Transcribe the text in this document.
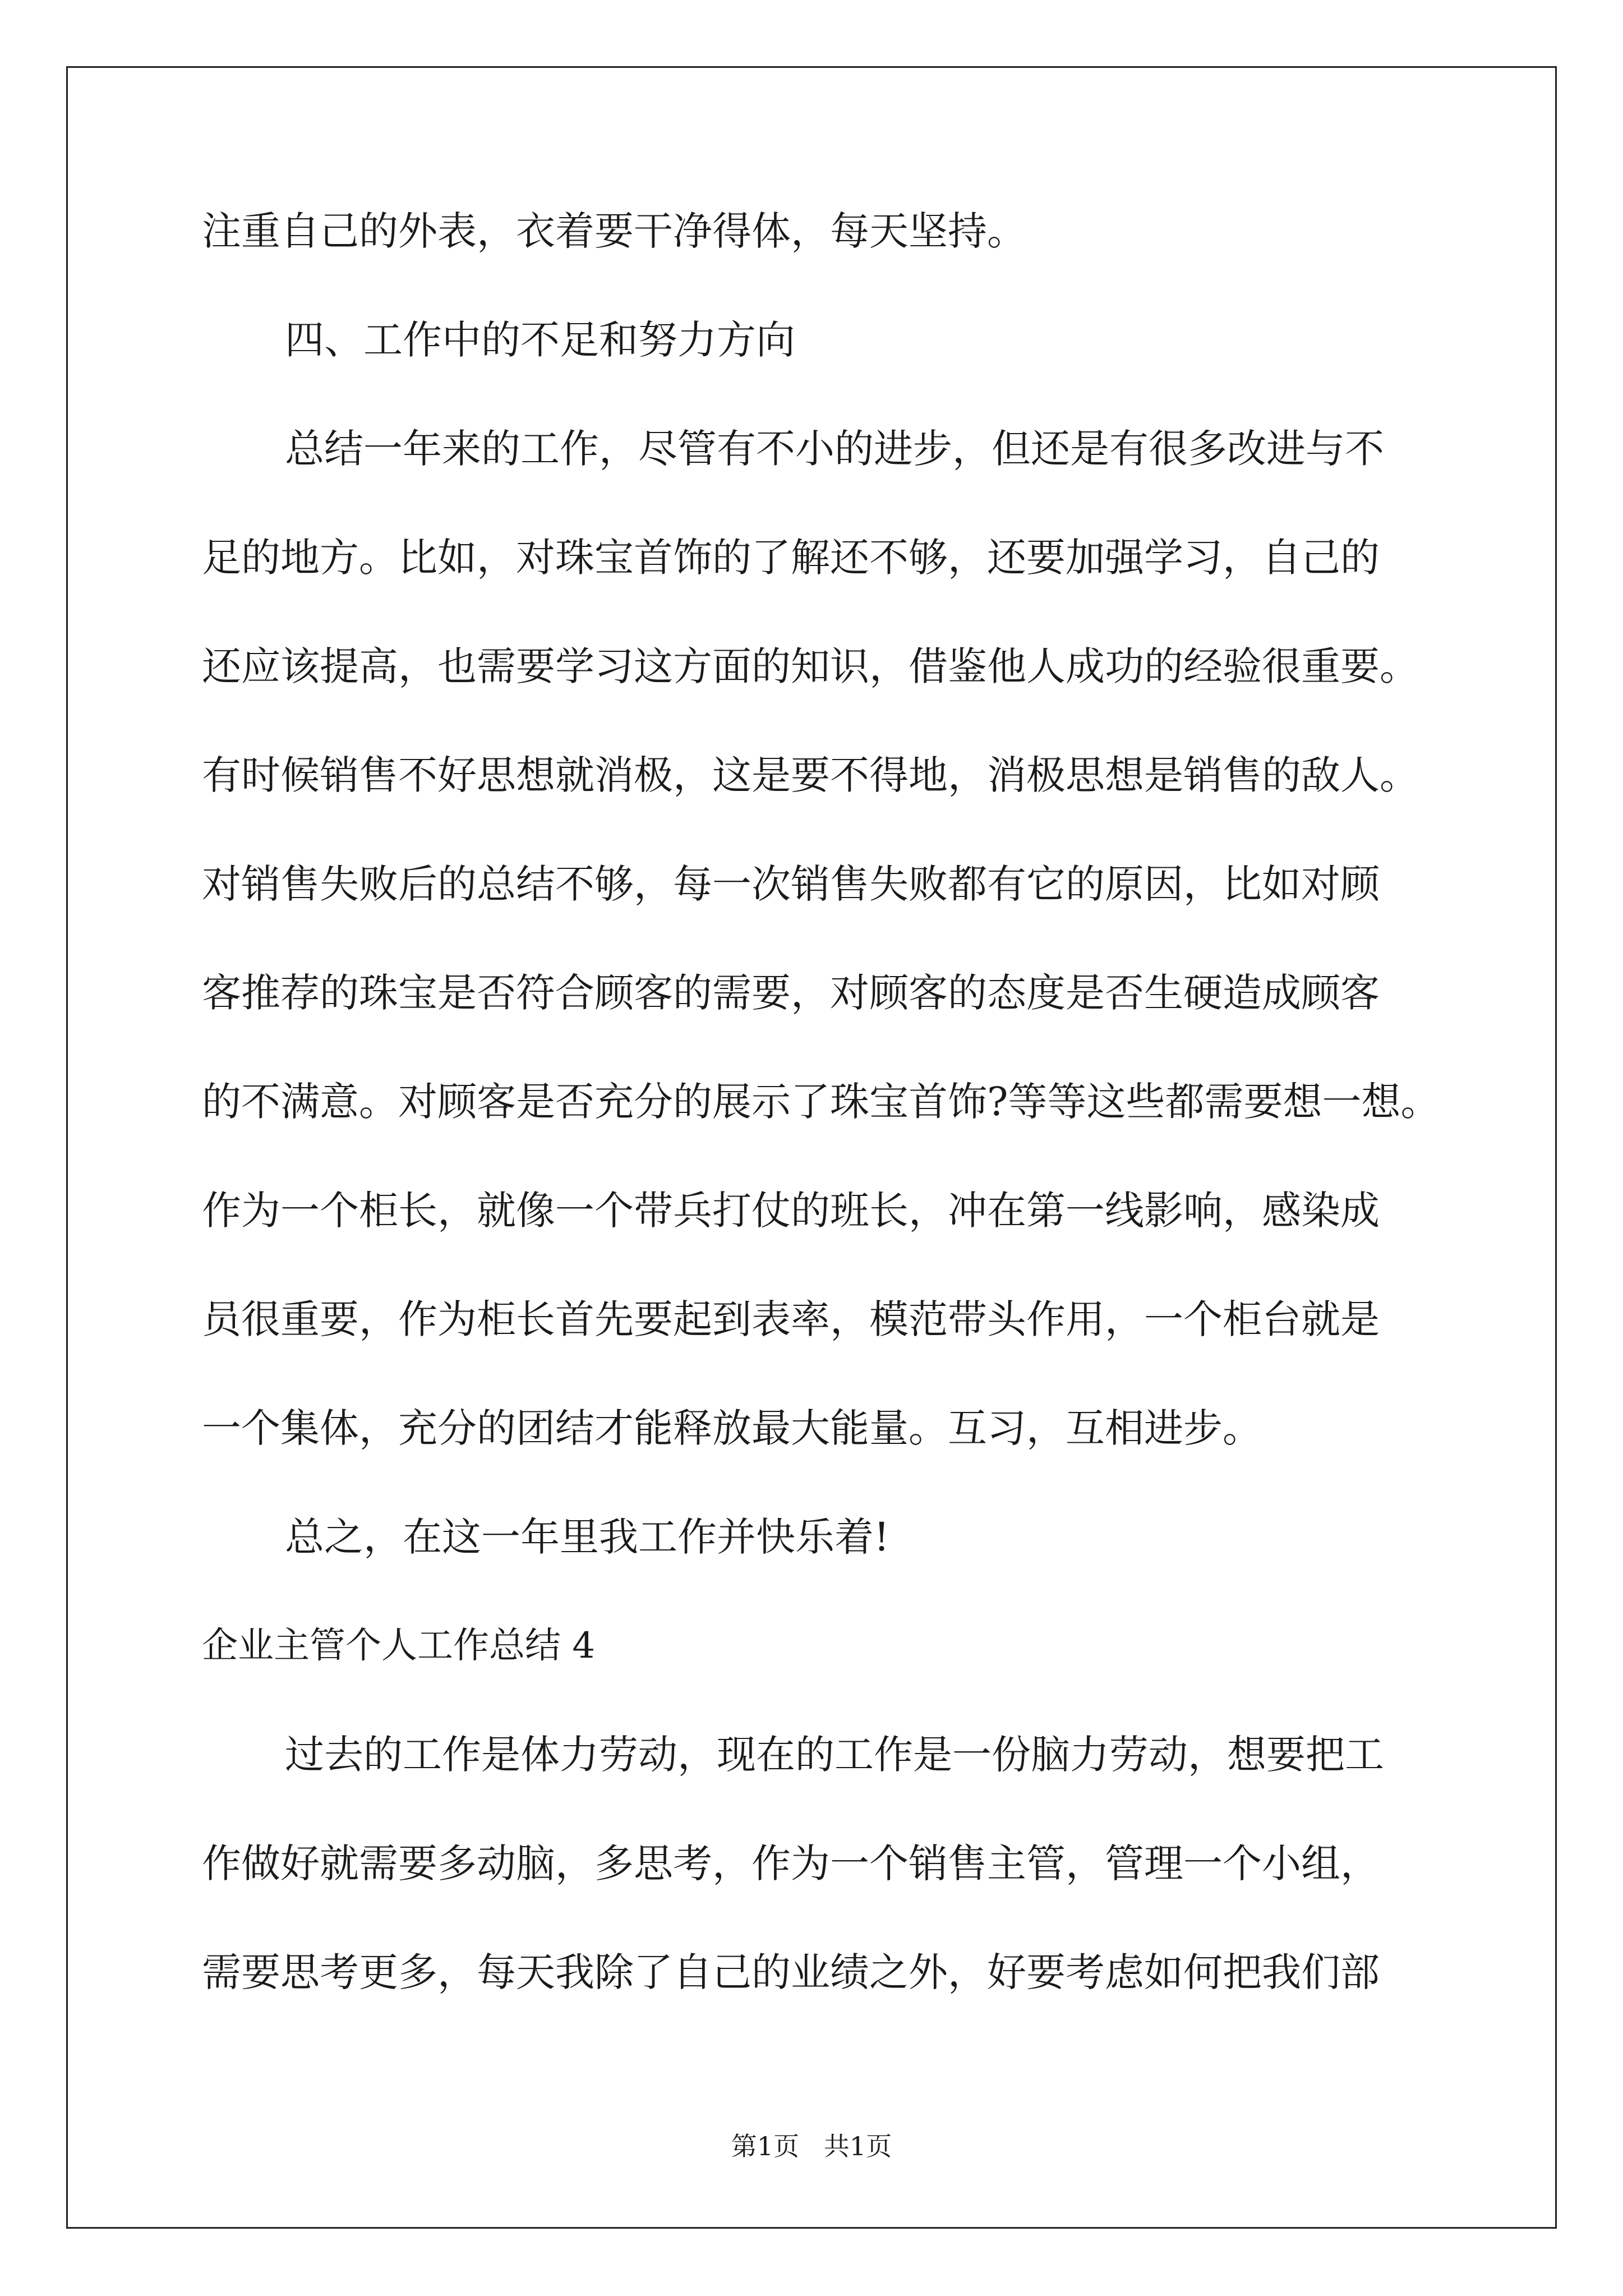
注重自己的外表，衣着要干净得体，每天坚持。
四、工作中的不足和努力方向
总结一年来的工作，尽管有不小的进步，但还是有很多改进与不
足的地方。比如，对珠宝首饰的了解还不够，还要加强学习，自己的
还应该提高，也需要学习这方面的知识，借鉴他人成功的经验很重要。
有时候销售不好思想就消极，这是要不得地，消极思想是销售的敌人。
对销售失败后的总结不够，每一次销售失败都有它的原因，比如对顾
客推荐的珠宝是否符合顾客的需要，对顾客的态度是否生硬造成顾客
的不满意。对顾客是否充分的展示了珠宝首饰?等等这些都需要想一想。
作为一个柜长，就像一个带兵打仗的班长，冲在第一线影响，感染成
员很重要，作为柜长首先要起到表率，模范带头作用，一个柜台就是
一个集体，充分的团结才能释放最大能量。互习，互相进步。
总之，在这一年里我工作并快乐着!
企业主管个人工作总结 4
过去的工作是体力劳动，现在的工作是一份脑力劳动，想要把工
作做好就需要多动脑，多思考，作为一个销售主管，管理一个小组，
需要思考更多，每天我除了自己的业绩之外，好要考虑如何把我们部
第1页   共1页
